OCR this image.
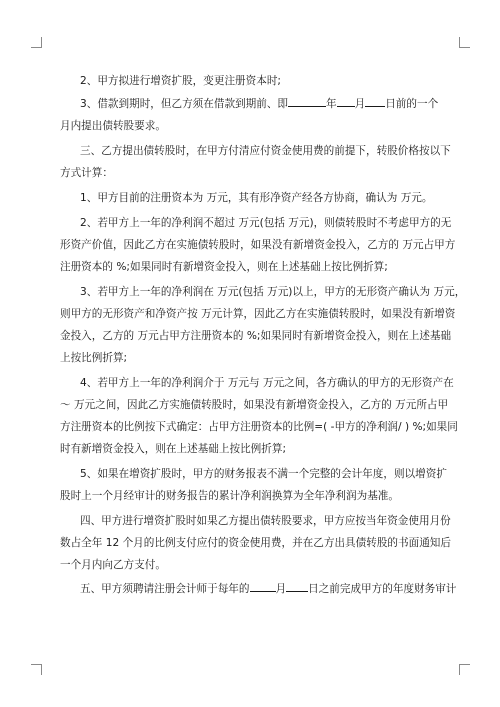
2、甲方拟进行增资扩股，变更注册资本时;
3、借款到期时，但乙方须在借款到期前、即	年 月 日前的一个
月内提出债转股要求。
三、乙方提出债转股时，在甲方付清应付资金使用费的前提下，转股价格按以下
方式计算：
1、甲方目前的注册资本为 万元，其有形净资产经各方协商，确认为 万元。
2、若甲方上一年的净利润不超过 万元(包括 万元)，则债转股时不考虑甲方的无
形资产价值，因此乙方在实施债转股时，如果没有新增资金投入，乙方的 万元占甲方
注册资本的 %;如果同时有新增资金投入，则在上述基础上按比例折算;
3、若甲方上一年的净利润在 万元(包括 万元)以上，甲方的无形资产确认为 万元，
则甲方的无形资产和净资产按 万元计算，因此乙方在实施债转股时，如果没有新增资
金投入，乙方的 万元占甲方注册资本的 %;如果同时有新增资金投入，则在上述基础
上按比例折算;
4、若甲方上一年的净利润介于 万元与 万元之间，各方确认的甲方的无形资产在
～ 万元之间，因此乙方实施债转股时，如果没有新增资金投入，乙方的 万元所占甲
方注册资本的比例按下式确定：占甲方注册资本的比例=( -甲方的净利润/ ) %;如果同
时有新增资金投入，则在上述基础上按比例折算;
5、如果在增资扩股时，甲方的财务报表不满一个完整的会计年度，则以增资扩
股时上一个月经审计的财务报告的累计净利润换算为全年净利润为基准。
四、甲方进行增资扩股时如果乙方提出债转股要求，甲方应按当年资金使用月份
数占全年 12 个月的比例支付应付的资金使用费，并在乙方出具债转股的书面通知后
一个月内向乙方支付。
五、甲方须聘请注册会计师于每年的 月 日之前完成甲方的年度财务审计
